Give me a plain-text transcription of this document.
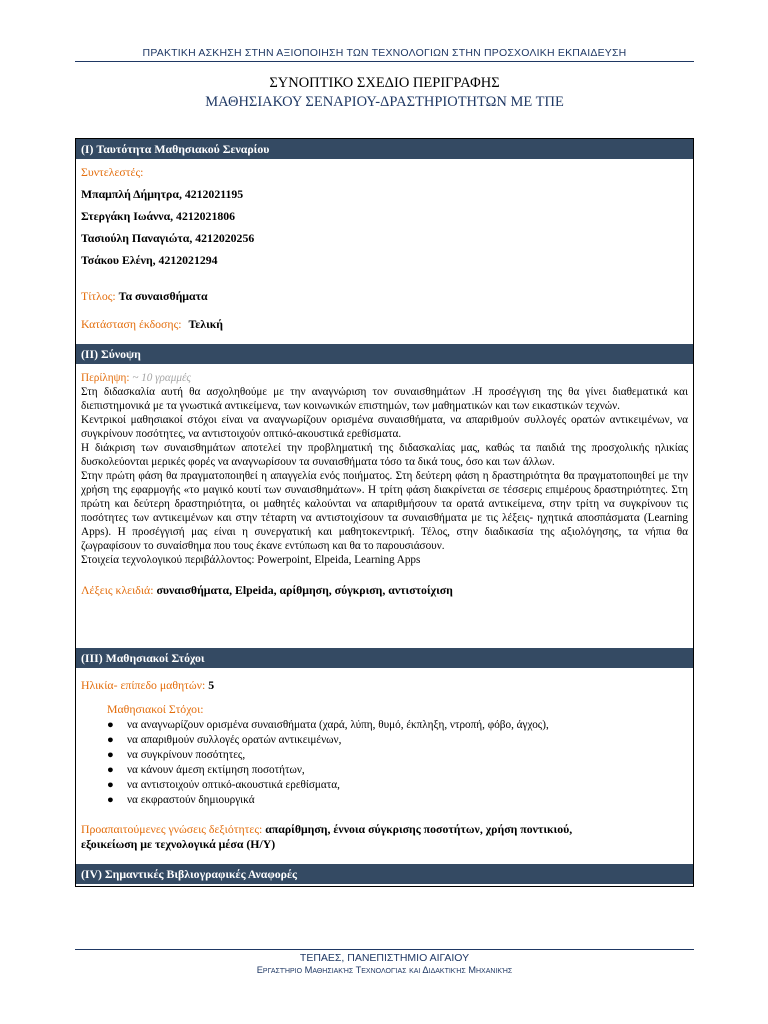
ΠΡΑΚΤΙΚΗ ΑΣΚΗΣΗ ΣΤΗΝ ΑΞΙΟΠΟΙΗΣΗ ΤΩΝ ΤΕΧΝΟΛΟΓΙΩΝ ΣΤΗΝ ΠΡΟΣΧΟΛΙΚΗ ΕΚΠΑΙΔΕΥΣΗ
ΣΥΝΟΠΤΙΚΟ ΣΧΕΔΙΟ ΠΕΡΙΓΡΑΦΗΣ
ΜΑΘΗΣΙΑΚΟΥ ΣΕΝΑΡΙΟΥ-ΔΡΑΣΤΗΡΙΟΤΗΤΩΝ ΜΕ ΤΠΕ
(I) Ταυτότητα Μαθησιακού Σεναρίου
Συντελεστές:
Μπαμπλή Δήμητρα, 4212021195
Στεργάκη Ιωάννα, 4212021806
Τασιούλη Παναγιώτα, 4212020256
Τσάκου Ελένη, 4212021294
Τίτλος: Τα συναισθήματα
Κατάσταση έκδοσης: Τελική
(II) Σύνοψη
Περίληψη: ~ 10 γραμμές
Στη διδασκαλία αυτή θα ασχοληθούμε με την αναγνώριση τον συναισθημάτων .Η προσέγγιση της θα γίνει διαθεματικά και διεπιστημονικά με τα γνωστικά αντικείμενα, των κοινωνικών επιστημών, των μαθηματικών και των εικαστικών τεχνών.
Κεντρικοί μαθησιακοί στόχοι είναι να αναγνωρίζουν ορισμένα συναισθήματα, να απαριθμούν συλλογές ορατών αντικειμένων, να συγκρίνουν ποσότητες, να αντιστοιχούν οπτικό-ακουστικά ερεθίσματα.
Η διάκριση των συναισθημάτων αποτελεί την προβληματική της διδασκαλίας μας, καθώς τα παιδιά της προσχολικής ηλικίας δυσκολεύονται μερικές φορές να αναγνωρίσουν τα συναισθήματα τόσο τα δικά τους, όσο και των άλλων.
Στην πρώτη φάση θα πραγματοποιηθεί η απαγγελία ενός ποιήματος. Στη δεύτερη φάση η δραστηριότητα θα πραγματοποιηθεί με την χρήση της εφαρμογής «το μαγικό κουτί των συναισθημάτων». Η τρίτη φάση διακρίνεται σε τέσσερις επιμέρους δραστηριότητες. Στη πρώτη και δεύτερη δραστηριότητα, οι μαθητές καλούνται να απαριθμήσουν τα ορατά αντικείμενα, στην τρίτη να συγκρίνουν τις ποσότητες των αντικειμένων και στην τέταρτη να αντιστοιχίσουν τα συναισθήματα με τις λέξεις- ηχητικά αποσπάσματα (Learning Apps). Η προσέγγισή μας είναι η συνεργατική και μαθητοκεντρική. Τέλος, στην διαδικασία της αξιολόγησης, τα νήπια θα ζωγραφίσουν το συναίσθημα που τους έκανε εντύπωση και θα το παρουσιάσουν.
Στοιχεία τεχνολογικού περιβάλλοντος: Powerpoint, Elpeida, Learning Apps
Λέξεις κλειδιά: συναισθήματα, Elpeida, αρίθμηση, σύγκριση, αντιστοίχιση
(III) Μαθησιακοί Στόχοι
Ηλικία- επίπεδο μαθητών: 5
Μαθησιακοί Στόχοι:
● να αναγνωρίζουν ορισμένα συναισθήματα (χαρά, λύπη, θυμό, έκπληξη, ντροπή, φόβο, άγχος),
● να απαριθμούν συλλογές ορατών αντικειμένων,
● να συγκρίνουν ποσότητες,
● να κάνουν άμεση εκτίμηση ποσοτήτων,
● να αντιστοιχούν οπτικό-ακουστικά ερεθίσματα,
● να εκφραστούν δημιουργικά
Προαπαιτούμενες γνώσεις δεξιότητες: απαρίθμηση, έννοια σύγκρισης ποσοτήτων, χρήση ποντικιού,
εξοικείωση με τεχνολογικά μέσα (Η/Υ)
(IV) Σημαντικές Βιβλιογραφικές Αναφορές
ΤΕΠΑΕΣ, ΠΑΝΕΠΙΣΤΗΜΙΟ ΑΙΓΑΙΟΥ
Εργαστήριο Μαθησιακής Τεχνολογίας και Διδακτικής Μηχανικής
